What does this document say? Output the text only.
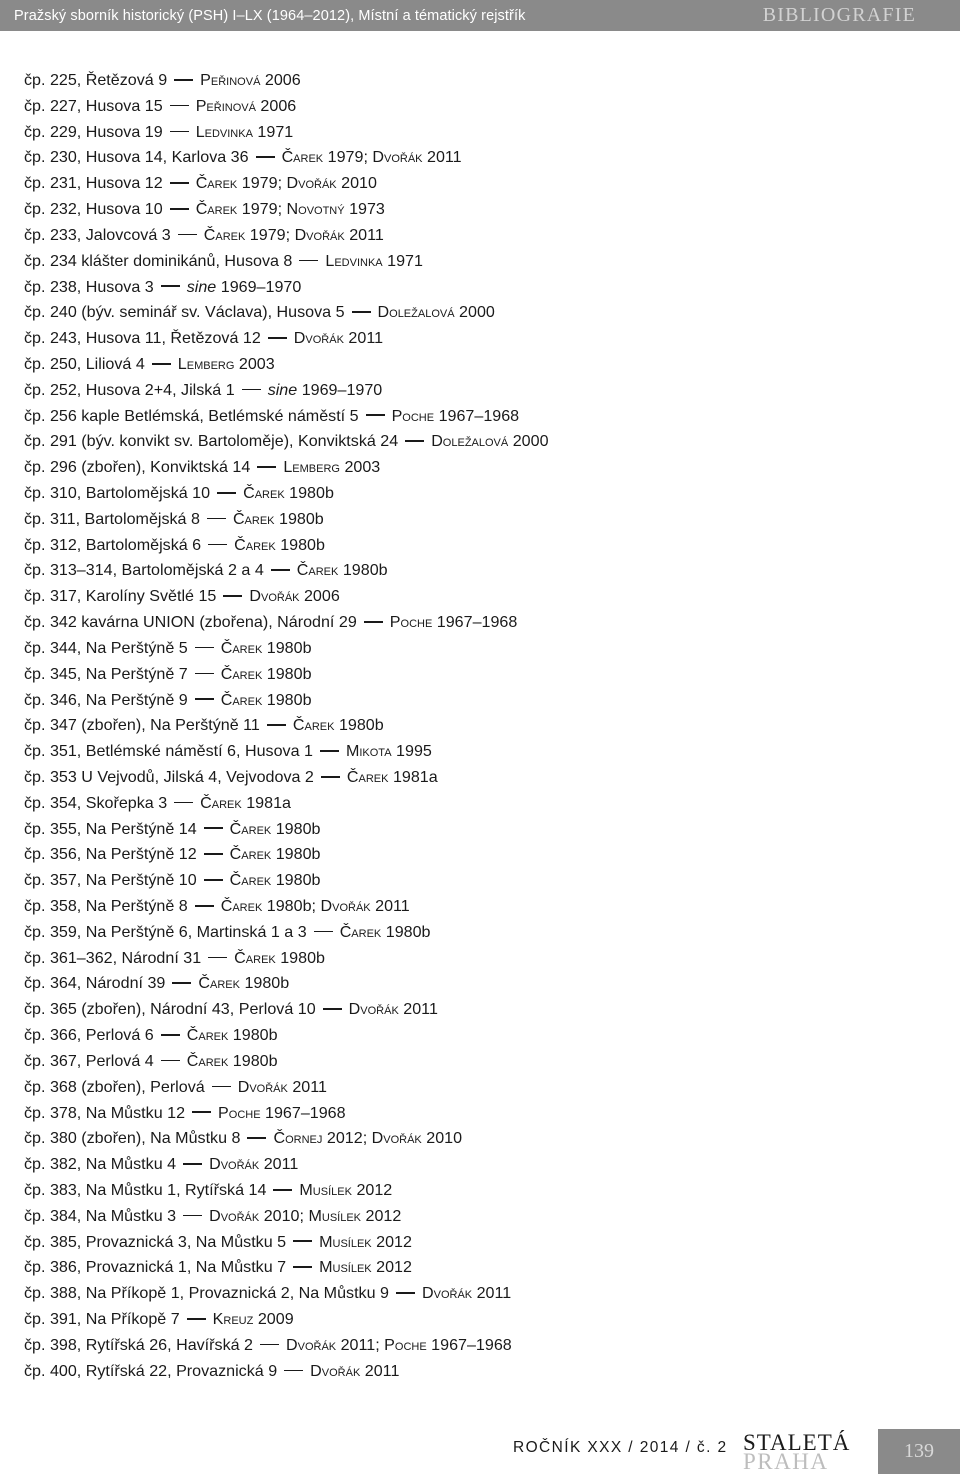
Pražský sborník historický (PSH) I–LX (1964–2012), Místní a tématický rejstřík	BIBLIOGRAFIE
čp. 225, Řetězová 9 Peřinová 2006
čp. 227, Husova 15 Peřinová 2006
čp. 229, Husova 19 Ledvinka 1971
čp. 230, Husova 14, Karlova 36 Čarek 1979; Dvořák 2011
čp. 231, Husova 12 Čarek 1979; Dvořák 2010
čp. 232, Husova 10 Čarek 1979; Novotný 1973
čp. 233, Jalovcová 3 Čarek 1979; Dvořák 2011
čp. 234 klášter dominikánů, Husova 8 Ledvinka 1971
čp. 238, Husova 3 sine 1969–1970
čp. 240 (býv. seminář sv. Václava), Husova 5 Doležalová 2000
čp. 243, Husova 11, Řetězová 12 Dvořák 2011
čp. 250, Liliová 4 Lemberg 2003
čp. 252, Husova 2+4, Jilská 1 sine 1969–1970
čp. 256 kaple Betlémská, Betlémské náměstí 5 Poche 1967–1968
čp. 291 (býv. konvikt sv. Bartoloměje), Konviktská 24 Doležalová 2000
čp. 296 (zbořen), Konviktská 14 Lemberg 2003
čp. 310, Bartolomějská 10 Čarek 1980b
čp. 311, Bartolomějská 8 Čarek 1980b
čp. 312, Bartolomějská 6 Čarek 1980b
čp. 313–314, Bartolomějská 2 a 4 Čarek 1980b
čp. 317, Karolíny Světlé 15 Dvořák 2006
čp. 342 kavárna UNION (zbořena), Národní 29 Poche 1967–1968
čp. 344, Na Perštýně 5 Čarek 1980b
čp. 345, Na Perštýně 7 Čarek 1980b
čp. 346, Na Perštýně 9 Čarek 1980b
čp. 347 (zbořen), Na Perštýně 11 Čarek 1980b
čp. 351, Betlémské náměstí 6, Husova 1 Mikota 1995
čp. 353 U Vejvodů, Jilská 4, Vejvodova 2 Čarek 1981a
čp. 354, Skořepka 3 Čarek 1981a
čp. 355, Na Perštýně 14 Čarek 1980b
čp. 356, Na Perštýně 12 Čarek 1980b
čp. 357, Na Perštýně 10 Čarek 1980b
čp. 358, Na Perštýně 8 Čarek 1980b; Dvořák 2011
čp. 359, Na Perštýně 6, Martinská 1 a 3 Čarek 1980b
čp. 361–362, Národní 31 Čarek 1980b
čp. 364, Národní 39 Čarek 1980b
čp. 365 (zbořen), Národní 43, Perlová 10 Dvořák 2011
čp. 366, Perlová 6 Čarek 1980b
čp. 367, Perlová 4 Čarek 1980b
čp. 368 (zbořen), Perlová Dvořák 2011
čp. 378, Na Můstku 12 Poche 1967–1968
čp. 380 (zbořen), Na Můstku 8 Čornej 2012; Dvořák 2010
čp. 382, Na Můstku 4 Dvořák 2011
čp. 383, Na Můstku 1, Rytířská 14 Musílek 2012
čp. 384, Na Můstku 3 Dvořák 2010; Musílek 2012
čp. 385, Provaznická 3, Na Můstku 5 Musílek 2012
čp. 386, Provaznická 1, Na Můstku 7 Musílek 2012
čp. 388, Na Příkopě 1, Provaznická 2, Na Můstku 9 Dvořák 2011
čp. 391, Na Příkopě 7 Kreuz 2009
čp. 398, Rytířská 26, Havířská 2 Dvořák 2011; Poche 1967–1968
čp. 400, Rytířská 22, Provaznická 9 Dvořák 2011
ROČNÍK XXX / 2014 / č. 2 STALETÁ
PRAHA	139
